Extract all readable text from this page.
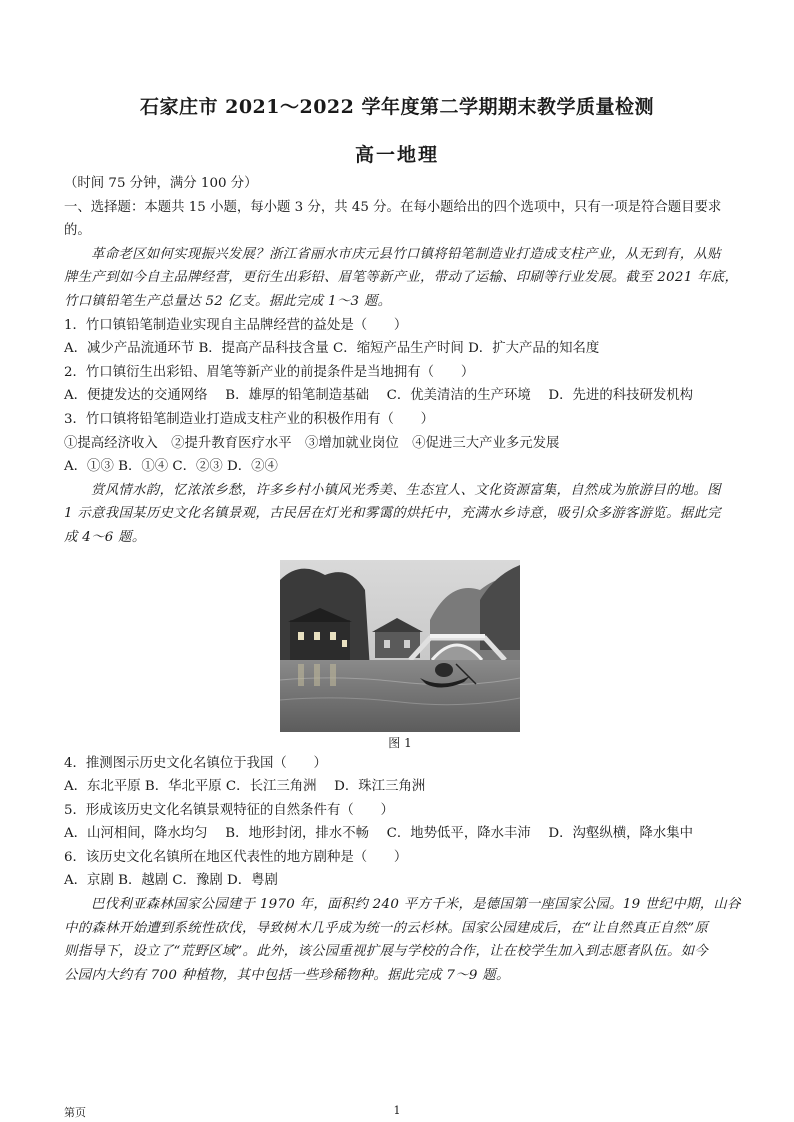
石家庄市 2021～2022 学年度第二学期期末教学质量检测
高一地理
（时间 75 分钟，满分 100 分）
一、选择题：本题共 15 小题，每小题 3 分，共 45 分。在每小题给出的四个选项中，只有一项是符合题目要求
的。
革命老区如何实现振兴发展？浙江省丽水市庆元县竹口镇将铅笔制造业打造成支柱产业，从无到有，从贴
牌生产到如今自主品牌经营，更衍生出彩铅、眉笔等新产业，带动了运输、印刷等行业发展。截至 2021 年底，
竹口镇铅笔生产总量达 52 亿支。据此完成 1～3 题。
1．竹口镇铅笔制造业实现自主品牌经营的益处是（　　）
A．减少产品流通环节 B．提高产品科技含量 C．缩短产品生产时间 D．扩大产品的知名度
2．竹口镇衍生出彩铅、眉笔等新产业的前提条件是当地拥有（　　）
A．便捷发达的交通网络　 B．雄厚的铅笔制造基础　 C．优美清洁的生产环境　 D．先进的科技研发机构
3．竹口镇将铅笔制造业打造成支柱产业的积极作用有（　　）
①提高经济收入　②提升教育医疗水平　③增加就业岗位　④促进三大产业多元发展
A．①③ B．①④ C．②③ D．②④
赏风情水韵，忆浓浓乡愁，许多乡村小镇风光秀美、生态宜人、文化资源富集，自然成为旅游目的地。图
1 示意我国某历史文化名镇景观，古民居在灯光和雾霭的烘托中，充满水乡诗意，吸引众多游客游览。据此完
成 4～6 题。
图 1
4．推测图示历史文化名镇位于我国（　　）
A．东北平原 B．华北平原 C．长江三角洲　 D．珠江三角洲
5．形成该历史文化名镇景观特征的自然条件有（　　）
A．山河相间，降水均匀　 B．地形封闭，排水不畅　 C．地势低平，降水丰沛　 D．沟壑纵横，降水集中
6．该历史文化名镇所在地区代表性的地方剧种是（　　）
A．京剧 B．越剧 C．豫剧 D．粤剧
巴伐利亚森林国家公园建于 1970 年，面积约 240 平方千米，是德国第一座国家公园。19 世纪中期，山谷
中的森林开始遭到系统性砍伐，导致树木几乎成为统一的云杉林。国家公园建成后，在“让自然真正自然”原
则指导下，设立了“荒野区域”。此外，该公园重视扩展与学校的合作，让在校学生加入到志愿者队伍。如今
公园内大约有 700 种植物，其中包括一些珍稀物种。据此完成 7～9 题。
第页	1
